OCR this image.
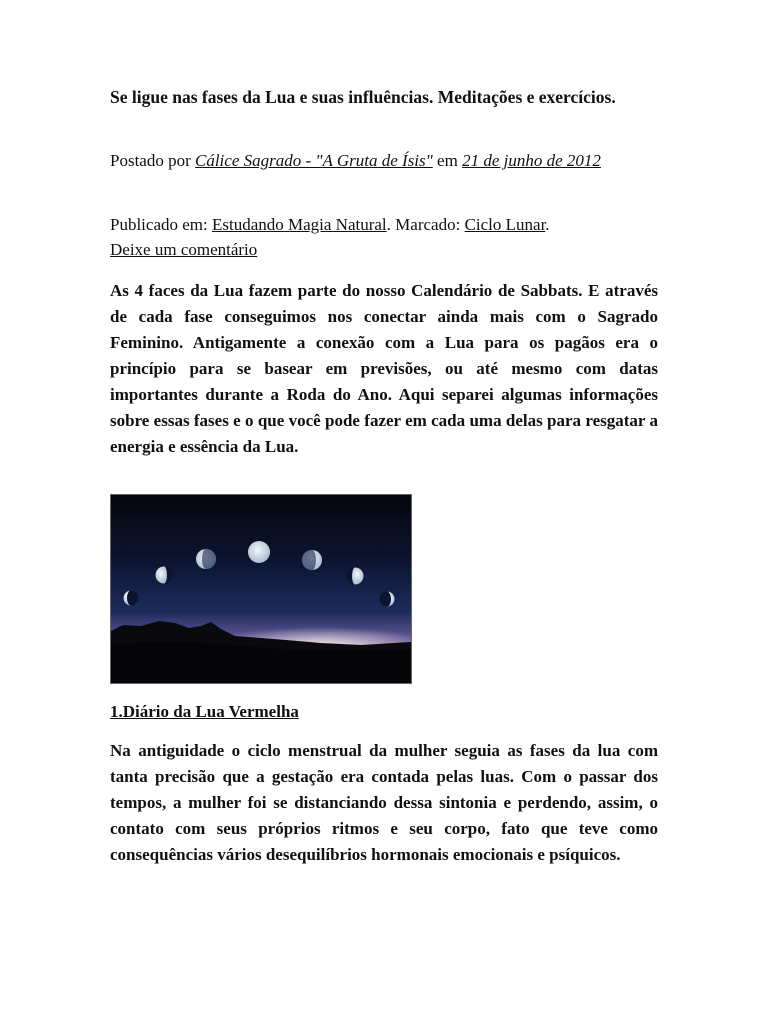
Se ligue nas fases da Lua e suas influências. Meditações e exercícios.
Postado por Cálice Sagrado - "A Gruta de Ísis" em 21 de junho de 2012
Publicado em: Estudando Magia Natural. Marcado: Ciclo Lunar.
Deixe um comentário
As 4 faces da Lua fazem parte do nosso Calendário de Sabbats. E através de cada fase conseguimos nos conectar ainda mais com o Sagrado Feminino. Antigamente a conexão com a Lua para os pagãos era o princípio para se basear em previsões, ou até mesmo com datas importantes durante a Roda do Ano. Aqui separei algumas informações sobre essas fases e o que você pode fazer em cada uma delas para resgatar a energia e essência da Lua.
1.Diário da Lua Vermelha
Na antiguidade o ciclo menstrual da mulher seguia as fases da lua com tanta precisão que a gestação era contada pelas luas. Com o passar dos tempos, a mulher foi se distanciando dessa sintonia e perdendo, assim, o contato com seus próprios ritmos e seu corpo, fato que teve como consequências vários desequilíbrios hormonais emocionais e psíquicos.
